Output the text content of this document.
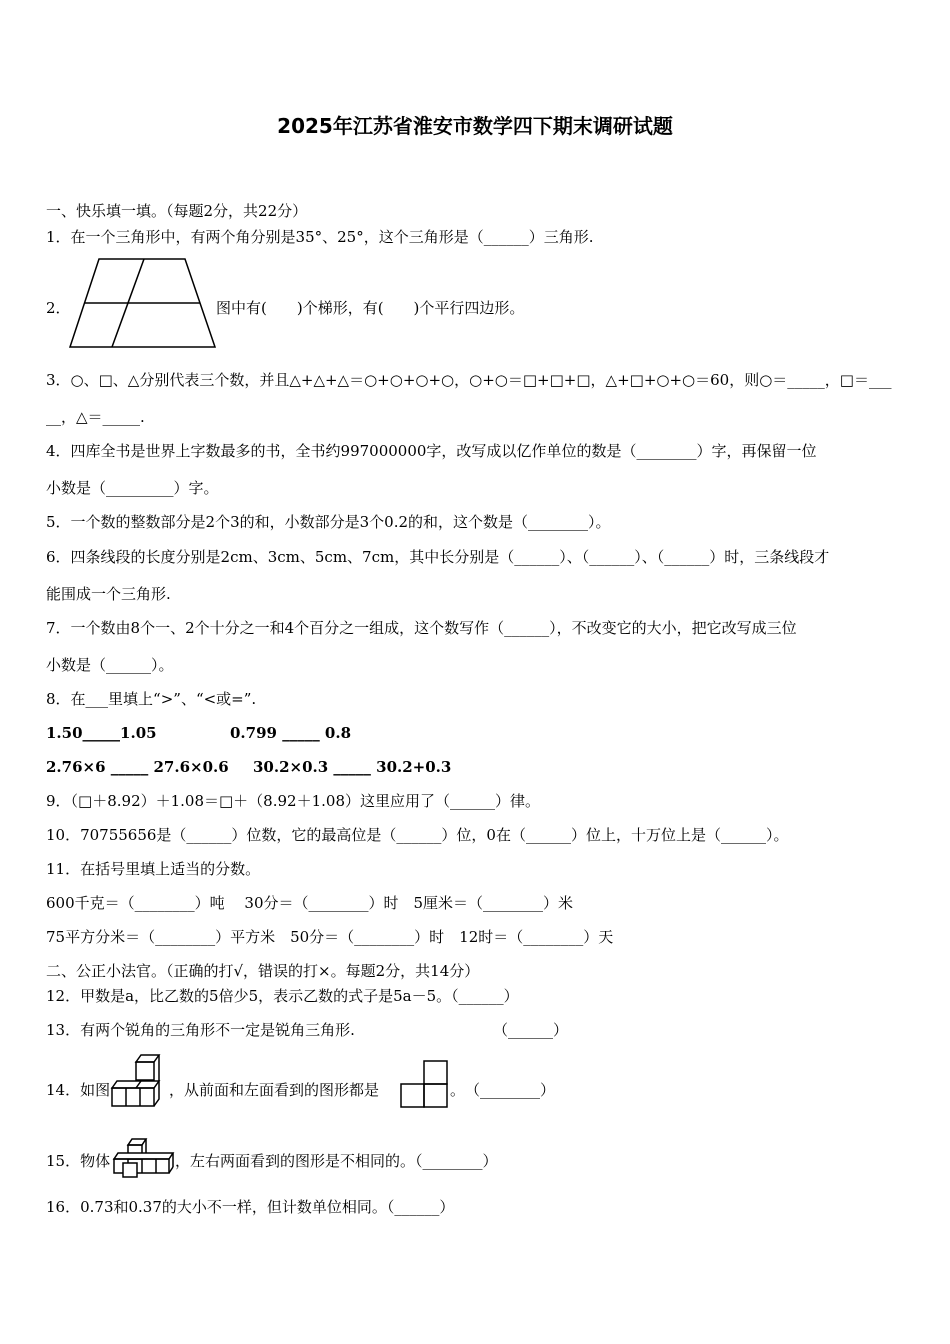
2025年江苏省淮安市数学四下期末调研试题
一、快乐填一填。（每题2分，共22分）
1．在一个三角形中，有两个角分别是35°、25°，这个三角形是（______）三角形.
2．	图中有(　　)个梯形，有(　　)个平行四边形。
3．○、□、△分别代表三个数，并且△+△+△＝○+○+○+○，○+○＝□+□+□，△+□+○+○＝60，则○＝_____，□＝___
__，△＝_____.
4．四库全书是世界上字数最多的书，全书约997000000字，改写成以亿作单位的数是（________）字，再保留一位
小数是（_________）字。
5．一个数的整数部分是2个3的和，小数部分是3个0.2的和，这个数是（________）。
6．四条线段的长度分别是2cm、3cm、5cm、7cm，其中长分别是（______）、（______）、（______）时，三条线段才
能围成一个三角形.
7．一个数由8个一、2个十分之一和4个百分之一组成，这个数写作（______），不改变它的大小，把它改写成三位
小数是（______）。
8．在___里填上“>”、“<或=”.
1.50_____1.05	0.799 _____ 0.8
2.76×6 _____ 27.6×0.6 30.2×0.3 _____ 30.2+0.3
9．（□＋8.92）＋1.08＝□＋（8.92＋1.08）这里应用了（______）律。
10．70755656是（______）位数，它的最高位是（______）位，0在（______）位上，十万位上是（______）。
11．在括号里填上适当的分数。
600千克＝（________）吨　 30分＝（________）时　5厘米＝（________）米
75平方分米＝（________）平方米　50分＝（________）时　12时＝（________）天
二、公正小法官。（正确的打√，错误的打×。每题2分，共14分）
12．甲数是a，比乙数的5倍少5，表示乙数的式子是5a－5。（______）
13．有两个锐角的三角形不一定是锐角三角形.	（______）
14．如图	，从前面和左面看到的图形都是	。　（________）
15．物体	，左右两面看到的图形是不相同的。（________）
16．0.73和0.37的大小不一样，但计数单位相同。（______）
